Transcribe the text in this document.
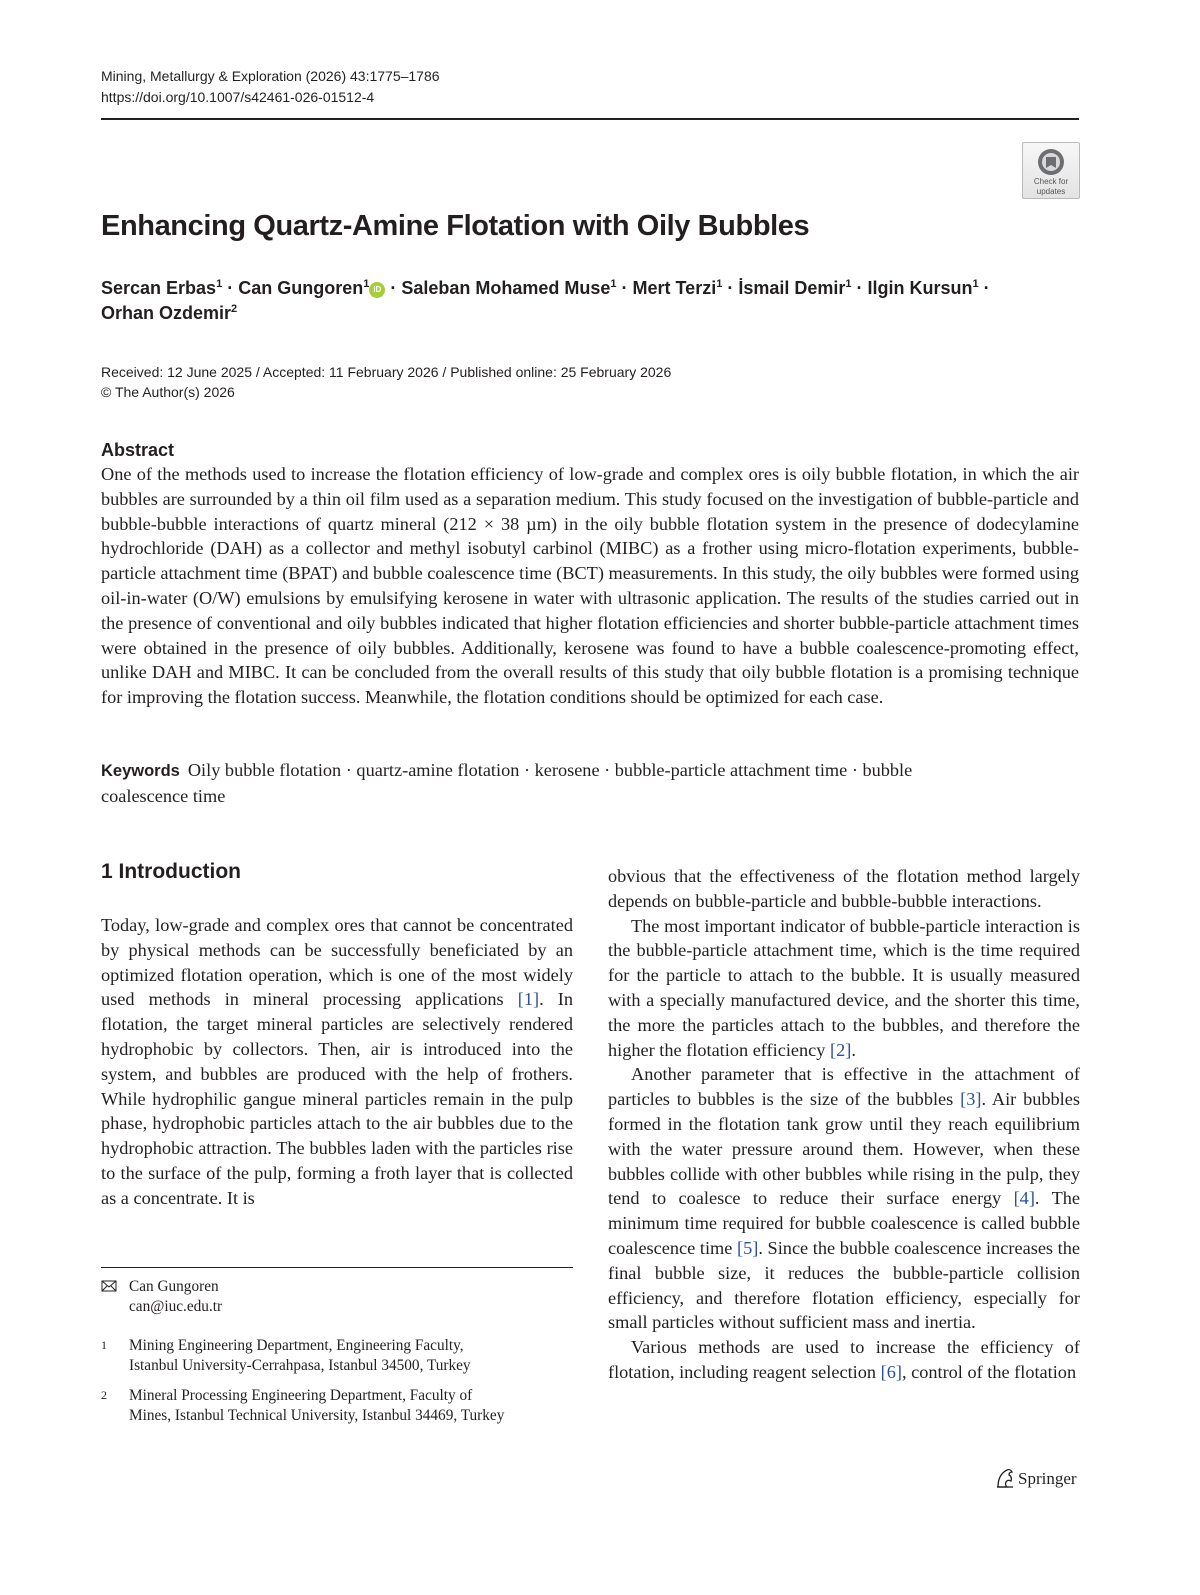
Mining, Metallurgy & Exploration (2026) 43:1775–1786
https://doi.org/10.1007/s42461-026-01512-4
Check for
updates
Enhancing Quartz-Amine Flotation with Oily Bubbles
Sercan Erbas$^1$ · Can Gungoren$^1$ iD · Saleban Mohamed Muse$^1$ · Mert Terzi$^1$ · İsmail Demir$^1$ · Ilgin Kursun$^1$ ·
Orhan Ozdemir$^2$
Received: 12 June 2025 / Accepted: 11 February 2026 / Published online: 25 February 2026
© The Author(s) 2026
Abstract

One of the methods used to increase the flotation efficiency of low-grade and complex ores is oily bubble flotation, in which the air bubbles are surrounded by a thin oil film used as a separation medium. This study focused on the investigation of bubble-particle and bubble-bubble interactions of quartz mineral (212 × 38 µm) in the oily bubble flotation system in the presence of dodecylamine hydrochloride (DAH) as a collector and methyl isobutyl carbinol (MIBC) as a frother using micro-flotation experiments, bubble-particle attachment time (BPAT) and bubble coalescence time (BCT) measurements. In this study, the oily bubbles were formed using oil-in-water (O/W) emulsions by emulsifying kerosene in water with ultrasonic application. The results of the studies carried out in the presence of conventional and oily bubbles indicated that higher flotation efficiencies and shorter bubble-particle attachment times were obtained in the presence of oily bubbles. Additionally, kerosene was found to have a bubble coalescence-promoting effect, unlike DAH and MIBC. It can be concluded from the overall results of this study that oily bubble flotation is a promising technique for improving the flotation success. Meanwhile, the flotation conditions should be optimized for each case.

Keywords Oily bubble flotation · quartz-amine flotation · kerosene · bubble-particle attachment time · bubble coalescence time
1 Introduction

Today, low-grade and complex ores that cannot be concentrated by physical methods can be successfully beneficiated by an optimized flotation operation, which is one of the most widely used methods in mineral processing applications [1]. In flotation, the target mineral particles are selectively rendered hydrophobic by collectors. Then, air is introduced into the system, and bubbles are produced with the help of frothers. While hydrophilic gangue mineral particles remain in the pulp phase, hydrophobic particles attach to the air bubbles due to the hydrophobic attraction. The bubbles laden with the particles rise to the surface of the pulp, forming a froth layer that is collected as a concentrate. It is

obvious that the effectiveness of the flotation method largely depends on bubble-particle and bubble-bubble interactions.

The most important indicator of bubble-particle interaction is the bubble-particle attachment time, which is the time required for the particle to attach to the bubble. It is usually measured with a specially manufactured device, and the shorter this time, the more the particles attach to the bubbles, and therefore the higher the flotation efficiency [2].

Another parameter that is effective in the attachment of particles to bubbles is the size of the bubbles [3]. Air bubbles formed in the flotation tank grow until they reach equilibrium with the water pressure around them. However, when these bubbles collide with other bubbles while rising in the pulp, they tend to coalesce to reduce their surface energy [4]. The minimum time required for bubble coalescence is called bubble coalescence time [5]. Since the bubble coalescence increases the final bubble size, it reduces the bubble-particle collision efficiency, and therefore flotation efficiency, especially for small particles without sufficient mass and inertia.

Various methods are used to increase the efficiency of flotation, including reagent selection [6], control of the flotation

Can Gungoren
can@iuc.edu.tr
1 Mining Engineering Department, Engineering Faculty,
Istanbul University-Cerrahpasa, Istanbul 34500, Turkey
2 Mineral Processing Engineering Department, Faculty of
Mines, Istanbul Technical University, Istanbul 34469, Turkey
Springer
